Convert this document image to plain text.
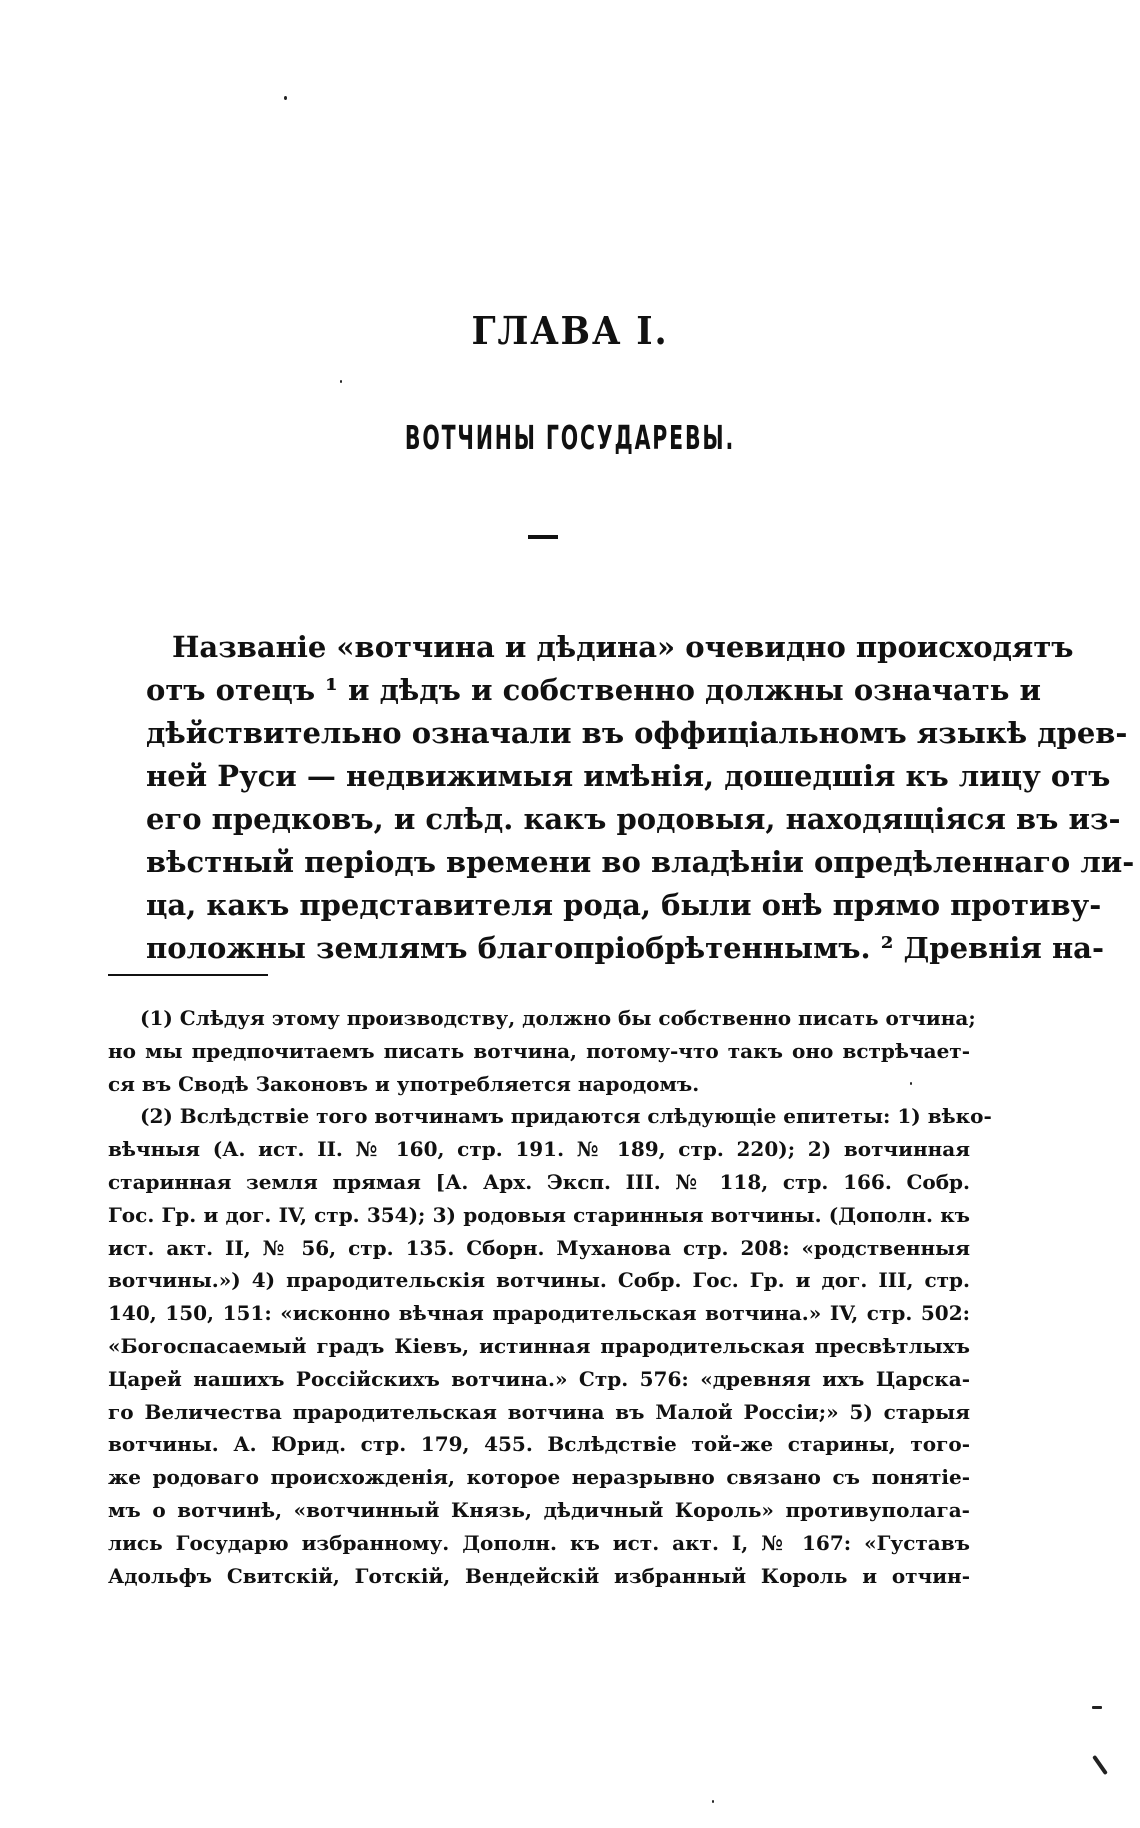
ГЛАВА I.
ВОТЧИНЫ ГОСУДАРЕВЫ.
Названіе «вотчина и дѣдина» очевидно происходятъ
отъ отецъ ¹ и дѣдъ и собственно должны означать и
дѣйствительно означали въ оффиціальномъ языкѣ древ-
ней Руси — недвижимыя имѣнія, дошедшія къ лицу отъ
его предковъ, и слѣд. какъ родовыя, находящіяся въ из-
вѣстный періодъ времени во владѣніи опредѣленнаго ли-
ца, какъ представителя рода, были онѣ прямо противу-
положны землямъ благопріобрѣтеннымъ. ² Древнія на-
(1) Слѣдуя этому производству, должно бы собственно писать отчина;
но мы предпочитаемъ писать вотчина, потому-что такъ оно встрѣчает-
ся въ Сводѣ Законовъ и употребляется народомъ.
(2) Вслѣдствіе того вотчинамъ придаются слѣдующіе епитеты: 1) вѣко-
вѣчныя (А. ист. II. № 160, стр. 191. № 189, стр. 220); 2) вотчинная
старинная земля прямая [А. Арх. Эксп. III. № 118, стр. 166. Собр.
Гос. Гр. и дог. IV, стр. 354); 3) родовыя старинныя вотчины. (Дополн. къ
ист. акт. II, № 56, стр. 135. Сборн. Муханова стр. 208: «родственныя
вотчины.») 4) прародительскія вотчины. Собр. Гос. Гр. и дог. III, стр.
140, 150, 151: «исконно вѣчная прародительская вотчина.» IV, стр. 502:
«Богоспасаемый градъ Кіевъ, истинная прародительская пресвѣтлыхъ
Царей нашихъ Россійскихъ вотчина.» Стр. 576: «древняя ихъ Царска-
го Величества прародительская вотчина въ Малой Россіи;» 5) старыя
вотчины. А. Юрид. стр. 179, 455. Вслѣдствіе той-же старины, того-
же родоваго происхожденія, которое неразрывно связано съ понятіе-
мъ о вотчинѣ, «вотчинный Князь, дѣдичный Король» противуполага-
лись Государю избранному. Дополн. къ ист. акт. I, № 167: «Густавъ
Адольфъ Свитскій, Готскій, Вендейскій избранный Король и отчин-
